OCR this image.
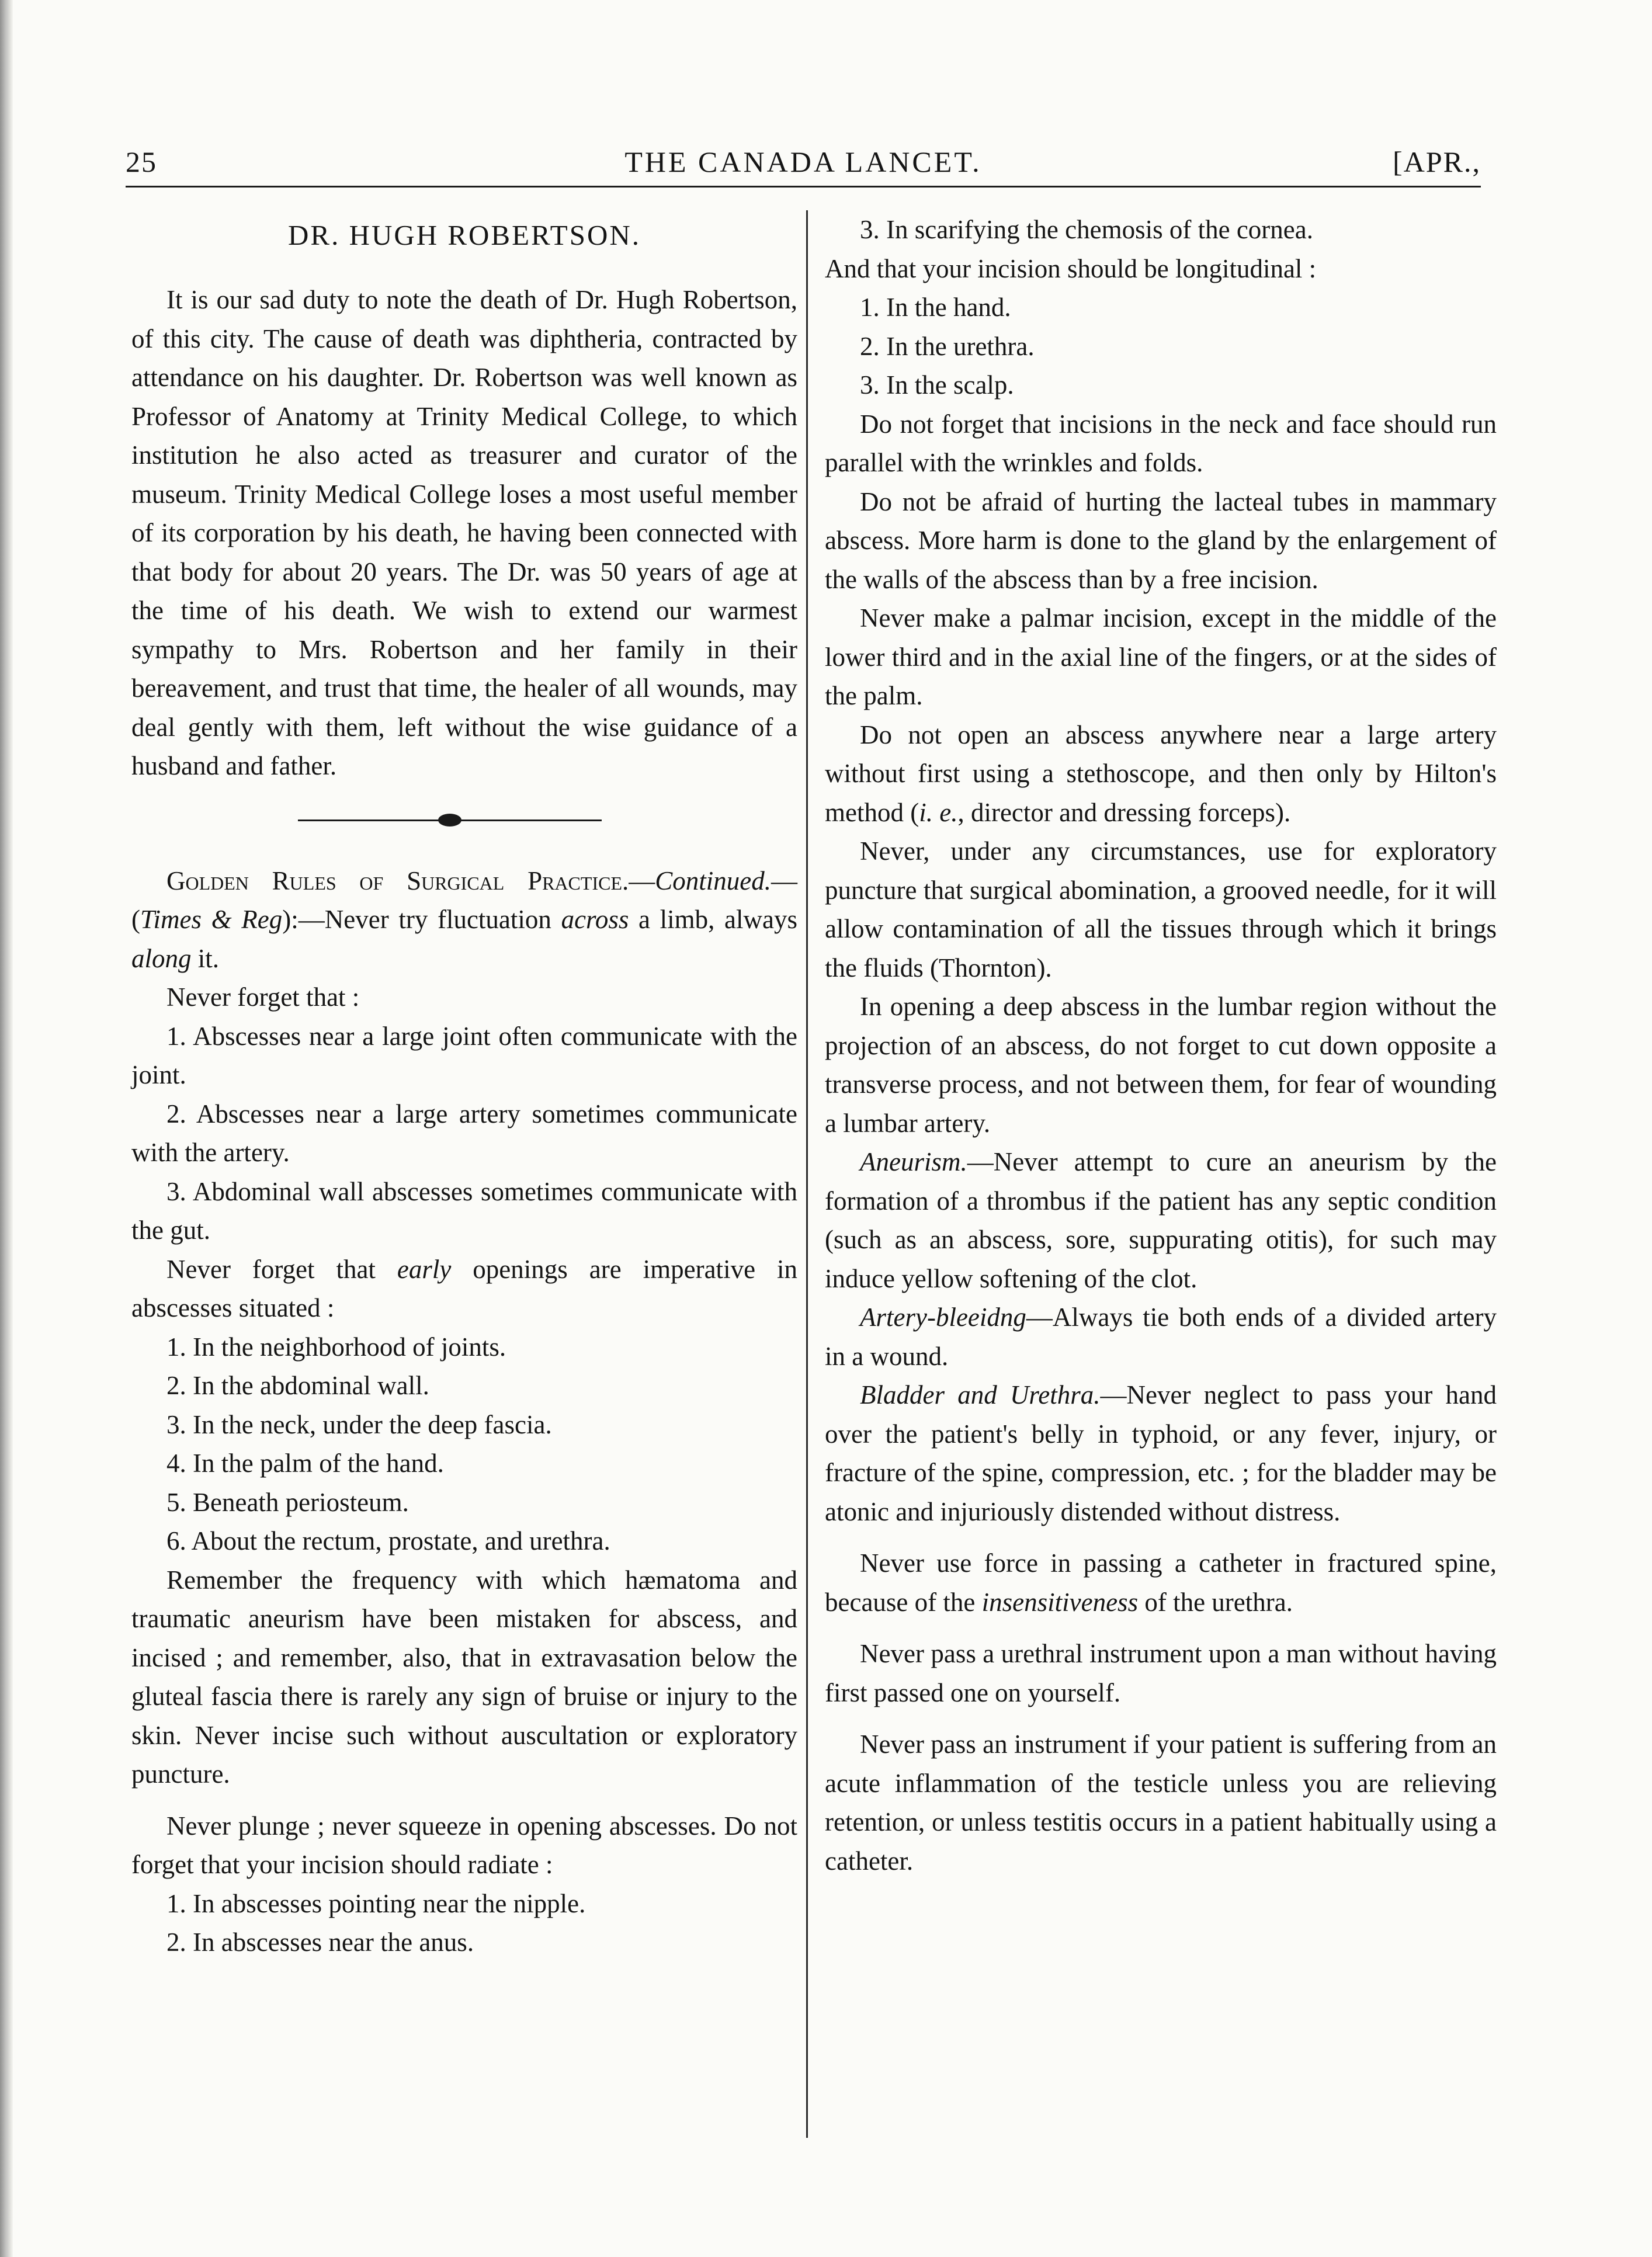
25	THE CANADA LANCET.	[APR.,
DR. HUGH ROBERTSON.

It is our sad duty to note the death of Dr. Hugh Robertson, of this city. The cause of death was diphtheria, contracted by attendance on his daughter. Dr. Robertson was well known as Professor of Anatomy at Trinity Medical College, to which institution he also acted as treasurer and curator of the museum. Trinity Medical College loses a most useful member of its corporation by his death, he having been connected with that body for about 20 years. The Dr. was 50 years of age at the time of his death. We wish to extend our warmest sympathy to Mrs. Robertson and her family in their bereavement, and trust that time, the healer of all wounds, may deal gently with them, left without the wise guidance of a husband and father.

Golden Rules of Surgical Practice.—Continued.—(Times & Reg):—Never try fluctuation across a limb, always along it.

Never forget that :

1. Abscesses near a large joint often communicate with the joint.

2. Abscesses near a large artery sometimes communicate with the artery.

3. Abdominal wall abscesses sometimes communicate with the gut.

Never forget that early openings are imperative in abscesses situated :

1. In the neighborhood of joints.

2. In the abdominal wall.

3. In the neck, under the deep fascia.

4. In the palm of the hand.

5. Beneath periosteum.

6. About the rectum, prostate, and urethra.

Remember the frequency with which hæmatoma and traumatic aneurism have been mistaken for abscess, and incised ; and remember, also, that in extravasation below the gluteal fascia there is rarely any sign of bruise or injury to the skin. Never incise such without auscultation or exploratory puncture.

Never plunge ; never squeeze in opening abscesses. Do not forget that your incision should radiate :

1. In abscesses pointing near the nipple.

2. In abscesses near the anus.

3. In scarifying the chemosis of the cornea.

And that your incision should be longitudinal :

1. In the hand.

2. In the urethra.

3. In the scalp.

Do not forget that incisions in the neck and face should run parallel with the wrinkles and folds.

Do not be afraid of hurting the lacteal tubes in mammary abscess. More harm is done to the gland by the enlargement of the walls of the abscess than by a free incision.

Never make a palmar incision, except in the middle of the lower third and in the axial line of the fingers, or at the sides of the palm.

Do not open an abscess anywhere near a large artery without first using a stethoscope, and then only by Hilton's method (i. e., director and dressing forceps).

Never, under any circumstances, use for exploratory puncture that surgical abomination, a grooved needle, for it will allow contamination of all the tissues through which it brings the fluids (Thornton).

In opening a deep abscess in the lumbar region without the projection of an abscess, do not forget to cut down opposite a transverse process, and not between them, for fear of wounding a lumbar artery.

Aneurism.—Never attempt to cure an aneurism by the formation of a thrombus if the patient has any septic condition (such as an abscess, sore, suppurating otitis), for such may induce yellow softening of the clot.

Artery-bleeidng—Always tie both ends of a divided artery in a wound.

Bladder and Urethra.—Never neglect to pass your hand over the patient's belly in typhoid, or any fever, injury, or fracture of the spine, compression, etc. ; for the bladder may be atonic and injuriously distended without distress.

Never use force in passing a catheter in fractured spine, because of the insensitiveness of the urethra.

Never pass a urethral instrument upon a man without having first passed one on yourself.

Never pass an instrument if your patient is suffering from an acute inflammation of the testicle unless you are relieving retention, or unless testitis occurs in a patient habitually using a catheter.
